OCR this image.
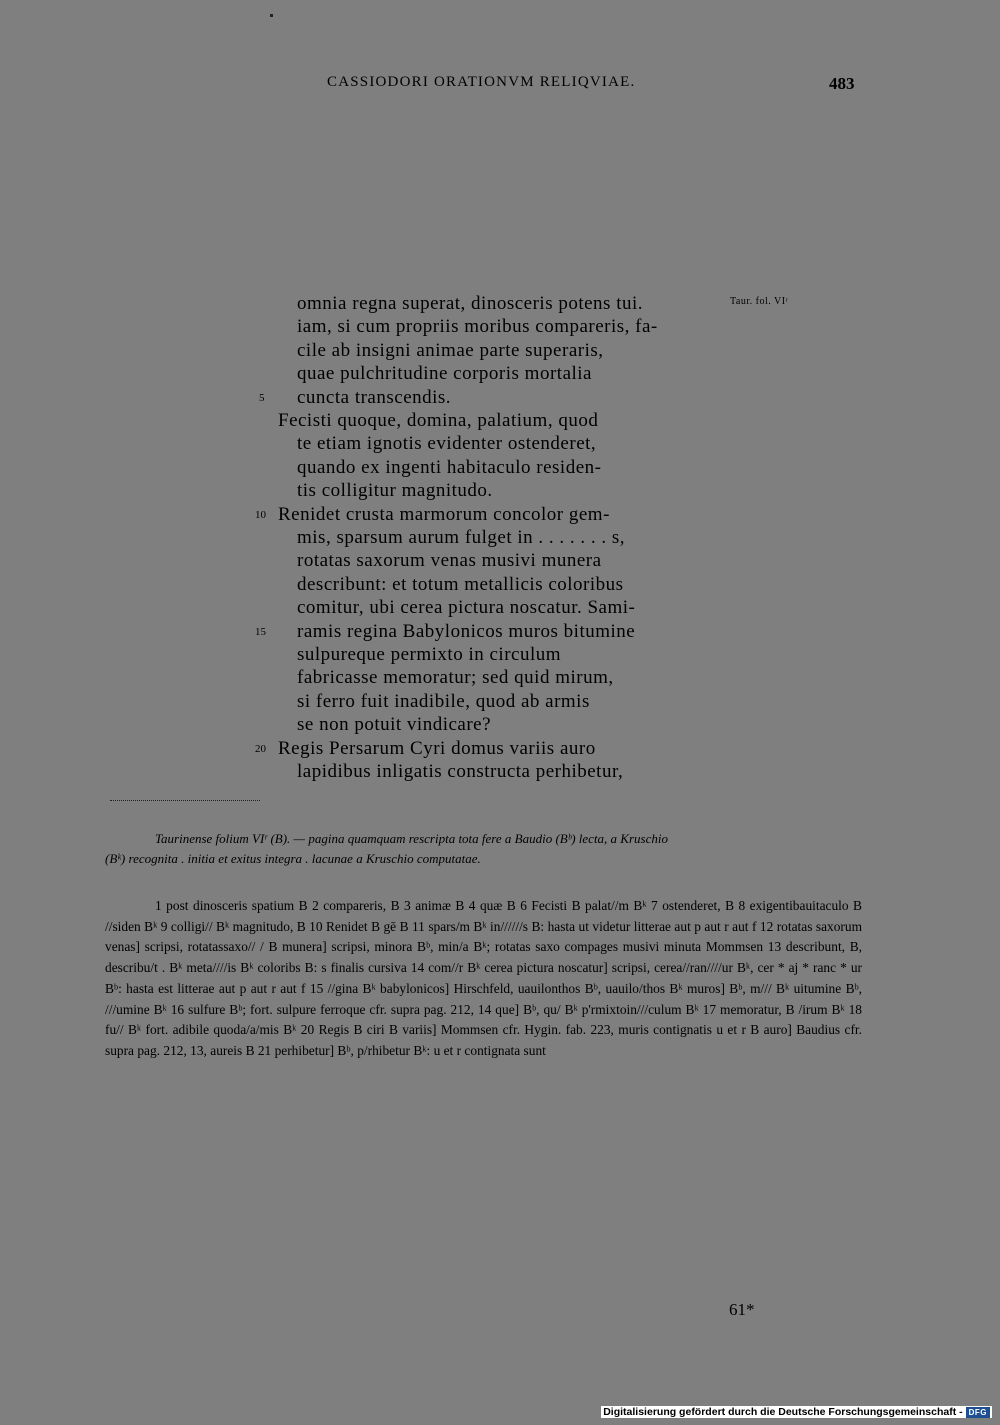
CASSIODORI ORATIONVM RELIQVIAE.	483
Taur. fol. VIʳ
omnia regna superat, dinosceris potens tui.
iam, si cum propriis moribus compareris, fa-
cile ab insigni animae parte superaris,
quae pulchritudine corporis mortalia
cuncta transcendis.
5
Fecisti quoque, domina, palatium, quod
te etiam ignotis evidenter ostenderet,
quando ex ingenti habitaculo residen-
tis colligitur magnitudo.
Renidet crusta marmorum concolor gem-
10
mis, sparsum aurum fulget in . . . . . . . s,
rotatas saxorum venas musivi munera
describunt: et totum metallicis coloribus
comitur, ubi cerea pictura noscatur. Sami-
ramis regina Babylonicos muros bitumine
15
sulpureque permixto in circulum
fabricasse memoratur; sed quid mirum,
si ferro fuit inadibile, quod ab armis
se non potuit vindicare?
Regis Persarum Cyri domus variis auro
20
lapidibus inligatis constructa perhibetur,
Taurinense folium VIʳ (B). — pagina quamquam rescripta tota fere a Baudio (Bᵇ) lecta, a Kruschio
(Bᵏ) recognita . initia et exitus integra . lacunae a Kruschio computatae.

1 post dinosceris spatium B 2 compareris, B 3 animæ B 4 quæ B 6 Fecisti B palat//m Bᵏ 7 ostenderet, B 8 exigentibauitaculo B //siden Bᵏ 9 colligi// Bᵏ magnitudo, B 10 Renidet B gē B 11 spars/m Bᵏ in//////s B: hasta ut videtur litterae aut p aut r aut f 12 rotatas saxorum venas] scripsi, rotatassaxo// / B munera] scripsi, minora Bᵇ, min/a Bᵏ; rotatas saxo compages musivi minuta Mommsen 13 describunt, B, describu/t . Bᵏ meta////is Bᵏ coloribs B: s finalis cursiva 14 com//r Bᵏ cerea pictura noscatur] scripsi, cerea//ran////ur Bᵏ, cer * aj * ranc * ur Bᵇ: hasta est litterae aut p aut r aut f 15 //gina Bᵏ babylonicos] Hirschfeld, uauilonthos Bᵇ, uauilo/thos Bᵏ muros] Bᵇ, m/// Bᵏ uitumine Bᵇ, ///umine Bᵏ 16 sulfure Bᵇ; fort. sulpure ferroque cfr. supra pag. 212, 14 que] Bᵇ, qu/ Bᵏ p'rmixtoin///culum Bᵏ 17 memoratur, B /irum Bᵏ 18 fu// Bᵏ fort. adibile quoda/a/mis Bᵏ 20 Regis B ciri B variis] Mommsen cfr. Hygin. fab. 223, muris contignatis u et r B auro] Baudius cfr. supra pag. 212, 13, aureis B 21 perhibetur] Bᵇ, p/rhibetur Bᵏ: u et r contignata sunt

61*
Digitalisierung gefördert durch die Deutsche Forschungsgemeinschaft - DFG
